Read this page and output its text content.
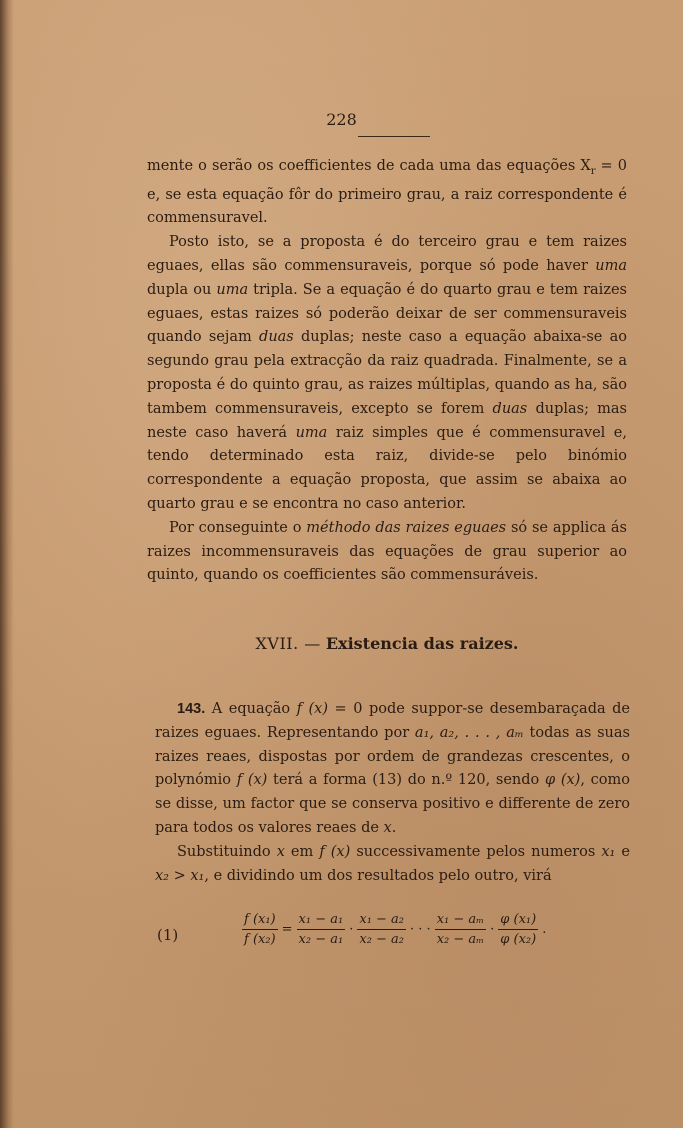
228

mente o serão os coefficientes de cada uma das equações $X_r = 0$ e, se esta equação fôr do primeiro grau, a raiz correspondente é commensuravel.

Posto isto, se a proposta é do terceiro grau e tem raizes eguaes, ellas são commensuraveis, porque só pode haver uma dupla ou uma tripla. Se a equação é do quarto grau e tem raizes eguaes, estas raizes só poderão deixar de ser commensuraveis quando sejam duas duplas; neste caso a equação abaixa-se ao segundo grau pela extracção da raiz quadrada. Finalmente, se a proposta é do quinto grau, as raizes múltiplas, quando as ha, são tambem commensuraveis, excepto se forem duas duplas; mas neste caso haverá uma raiz simples que é commensuravel e, tendo determinado esta raiz, divide-se pelo binómio correspondente a equação proposta, que assim se abaixa ao quarto grau e se encontra no caso anterior.

Por conseguinte o méthodo das raizes eguaes só se applica ás raizes incommensuraveis das equações de grau superior ao quinto, quando os coefficientes são commensuráveis.

XVII. — Existencia das raizes.

143. A equação f (x) = 0 pode suppor-se desembaraçada de raizes eguaes. Representando por a₁, a₂, . . . , aₘ todas as suas raizes reaes, dispostas por ordem de grandezas crescentes, o polynómio f (x) terá a forma (13) do n.º 120, sendo φ (x), como se disse, um factor que se conserva positivo e differente de zero para todos os valores reaes de x.

Substituindo x em f (x) successivamente pelos numeros x₁ e x₂ > x₁, e dividindo um dos resultados pelo outro, virá

(1)	$\frac{\text{f (x₁)}}{\text{f (x₂)}} = \frac{\text{x₁ − a₁}}{\text{x₂ − a₁}} \cdot \frac{\text{x₁ − a₂}}{\text{x₂ − a₂}}$ · · · $\frac{\text{x₁ − aₘ}}{\text{x₂ − aₘ}} \cdot \frac{\text{φ (x₁)}}{\text{φ (x₂)}}$ .
